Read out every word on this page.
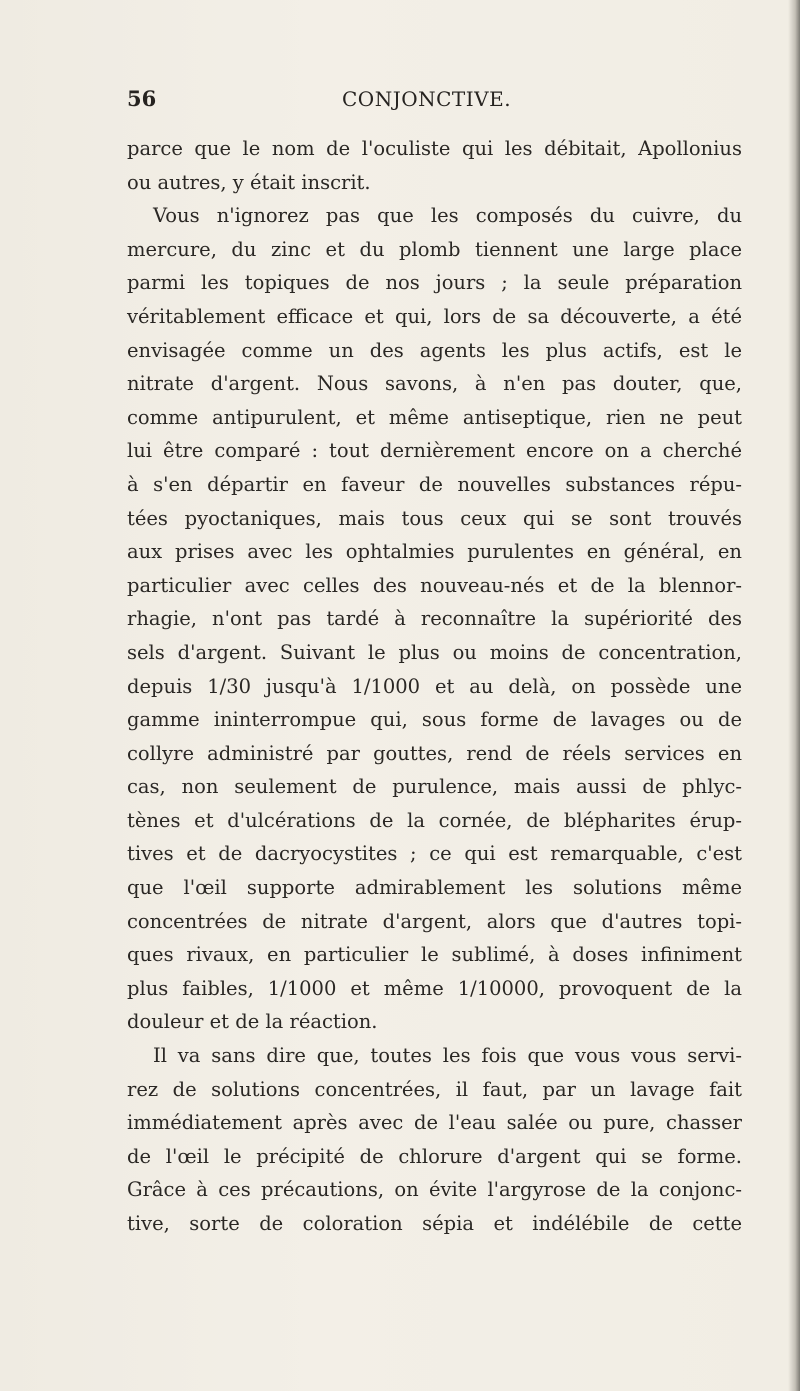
56	CONJONCTIVE.
parce que le nom de l'oculiste qui les débitait, Apollonius
ou autres, y était inscrit.
Vous n'ignorez pas que les composés du cuivre, du
mercure, du zinc et du plomb tiennent une large place
parmi les topiques de nos jours ; la seule préparation
véritablement efficace et qui, lors de sa découverte, a été
envisagée comme un des agents les plus actifs, est le
nitrate d'argent. Nous savons, à n'en pas douter, que,
comme antipurulent, et même antiseptique, rien ne peut
lui être comparé : tout dernièrement encore on a cherché
à s'en départir en faveur de nouvelles substances répu-
tées pyoctaniques, mais tous ceux qui se sont trouvés
aux prises avec les ophtalmies purulentes en général, en
particulier avec celles des nouveau-nés et de la blennor-
rhagie, n'ont pas tardé à reconnaître la supériorité des
sels d'argent. Suivant le plus ou moins de concentration,
depuis 1/30 jusqu'à 1/1000 et au delà, on possède une
gamme ininterrompue qui, sous forme de lavages ou de
collyre administré par gouttes, rend de réels services en
cas, non seulement de purulence, mais aussi de phlyc-
tènes et d'ulcérations de la cornée, de blépharites érup-
tives et de dacryocystites ; ce qui est remarquable, c'est
que l'œil supporte admirablement les solutions même
concentrées de nitrate d'argent, alors que d'autres topi-
ques rivaux, en particulier le sublimé, à doses infiniment
plus faibles, 1/1000 et même 1/10000, provoquent de la
douleur et de la réaction.
Il va sans dire que, toutes les fois que vous vous servi-
rez de solutions concentrées, il faut, par un lavage fait
immédiatement après avec de l'eau salée ou pure, chasser
de l'œil le précipité de chlorure d'argent qui se forme.
Grâce à ces précautions, on évite l'argyrose de la conjonc-
tive, sorte de coloration sépia et indélébile de cette
